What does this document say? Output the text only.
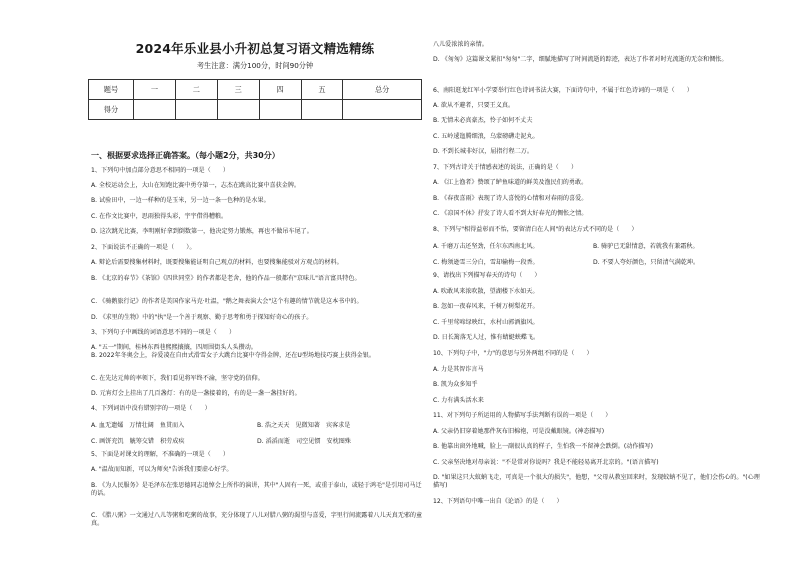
2024年乐业县小升初总复习语文精选精练
考生注意：满分100分，时间90分钟
题号	一	二	三	四	五	总分
得分						
一、根据要求选择正确答案。（每小题2分，共30分）
1、下列句中加点部分意思不相同的一项是（　　）
A. 全校运动会上，大山在短跑比赛中勇夺第一，志杰在跳高比赛中喜获金牌。
B. 试验田中，一边一样种的是玉米，另一边一条一色种的是水果。
C. 在作文比赛中，思雨独得头彩，宇宇借得糟粮。
D. 这次跳光比赛，李明刚好拿到倒数第一，他决定努力锻炼，再也不做吊车尾了。
2、下面说法不正确的一项是（　　）。
A. 辩论后需要搜集材料时，既要搜集能证明自己观点的材料，也要搜集能驳对方观点的材料。
B. 《北京的春节》《茶馆》《四世同堂》的作者都是老舍，他的作品一般都有"京味儿"语言富具特色。
C. 《骑鹅旅行记》的作者是美国作家马克·吐温，"鹅之舞表演大会"这个有趣的情节就是这本书中的。
D. 《求里的生物》中的"执"是一个善于观察、勤于思考和勇于探知好奇心的孩子。
3、下列句子中画线的词语意思不同的一项是（　　）
A. "五一"期间，桂林东西巷熙熙攘攘，四周围街头人头攒动。
B. 2022年冬奥会上，谷爱凌在自由式滑雪女子大跳台比赛中夺得金牌，还在U型场地技巧赛上获得金银。
C. 在先达元帅的率领下，我们看见将军终不渝，坚守党的信仰。
D. 元宵灯会上挂出了几百盏灯：有的是一盏接着的，有的是一盏一盏挂好的。
4、下列词语中没有错别字的一项是（　　）
A. 血无遗孀　万情壮阔　鱼贯而入	B. 浩之天天　见微知著　宾客求是
C. 画饼充饥　觥筹交错　积劳成疾	D. 滔滔而逝　司空见惯　安枕图殊
5、下面是对课文的理解，不准确的一项是（　　）
A. "温故而知新，可以为师矣"告诉我们要虚心好学。
B. 《为人民服务》是毛泽东在张思德同志追悼会上所作的演讲，其中"人固有一死，或重于泰山，或轻于鸿毛"是引用司马迁的话。
C. 《腊八粥》一文通过八儿等粥和吃粥的故事，充分体现了八儿对腊八粥的渴望与喜爱，字里行间流露着八儿天真无邪的童真。
八儿爱浓浓的亲情。
D. 《匆匆》这篇课文紧扣"匆匆"二字，细腻地描写了时间流逝的踪迹，表达了作者对时光流逝的无奈和惆怅。
6、南阳逛龙红军小学要举行红色诗词书法大赛，下面诗句中，不属于红色诗词的一项是（　　）
A. 欲从不避者，只要王义真。
B. 无情未必真豪杰，怜子如何不丈夫
C. 五岭逶迤腾细浪，乌蒙磅礴走泥丸。
D. 不到长城非好汉，屈指行程二万。
7、下列古诗关于情感表述的说法，正确的是（　　）
A. 《江上渔者》赞颂了鲈鱼味道的鲜美及渔民们的勇敢。
B. 《春夜喜雨》表现了诗人喜悦的心情和对春雨的喜爱。
C. 《凉国不休》抒发了诗人看不到大好春光的惆怅之情。
8、下列与"相得益彰而不怡，要留清白在人间"的表达方式不同的是（　　）
A. 千磨万击还坚劲，任尔东西南北风。	B. 骑驴已无甜情意，若就我有兼霜秋。
C. 梅须逊雪三分白，雪却输梅一段香。	D. 不要人夸好颜色，只留清气满乾坤。
9、请找出下列描写春天的诗句（　　）
A. 吹敢风来浓吹散，望湖楼下水如天。
B. 忽如一夜春风来，千树万树梨花开。
C. 千里莺啼绿映红，水村山郭酒旗风。
D. 日长篱落无人过，惟有蜻蜓蛱蝶飞。
10、下列句子中，"力"的意思与另外两组不同的是（　　）
A. 力是其智诈言马
B. 凯为众多知乎
C. 力有满头活水来
11、对下列句子所运用的人物描写手法判断有误的一项是（　　）
A. 父亲仍旧穿着她那件灰布旧棉袍，可是没戴眼镜。(神态描写)
B. 他靠出窗外地喊，脸上一副很认真的样子，生怕我一不留神会跌倒。(动作描写)
C. 父亲坚决地对母亲说："不是常对你说吗？我是不能轻易离开北京的。"(语言描写)
D. "如果这只大蚊蚋飞走，可真是一个很大的损失"，他想，"父母从教室回来时，发现蚊蚋不见了，他们会伤心的。"(心理描写)
12、下列语句中唯一出自《论语》的是（　　）
